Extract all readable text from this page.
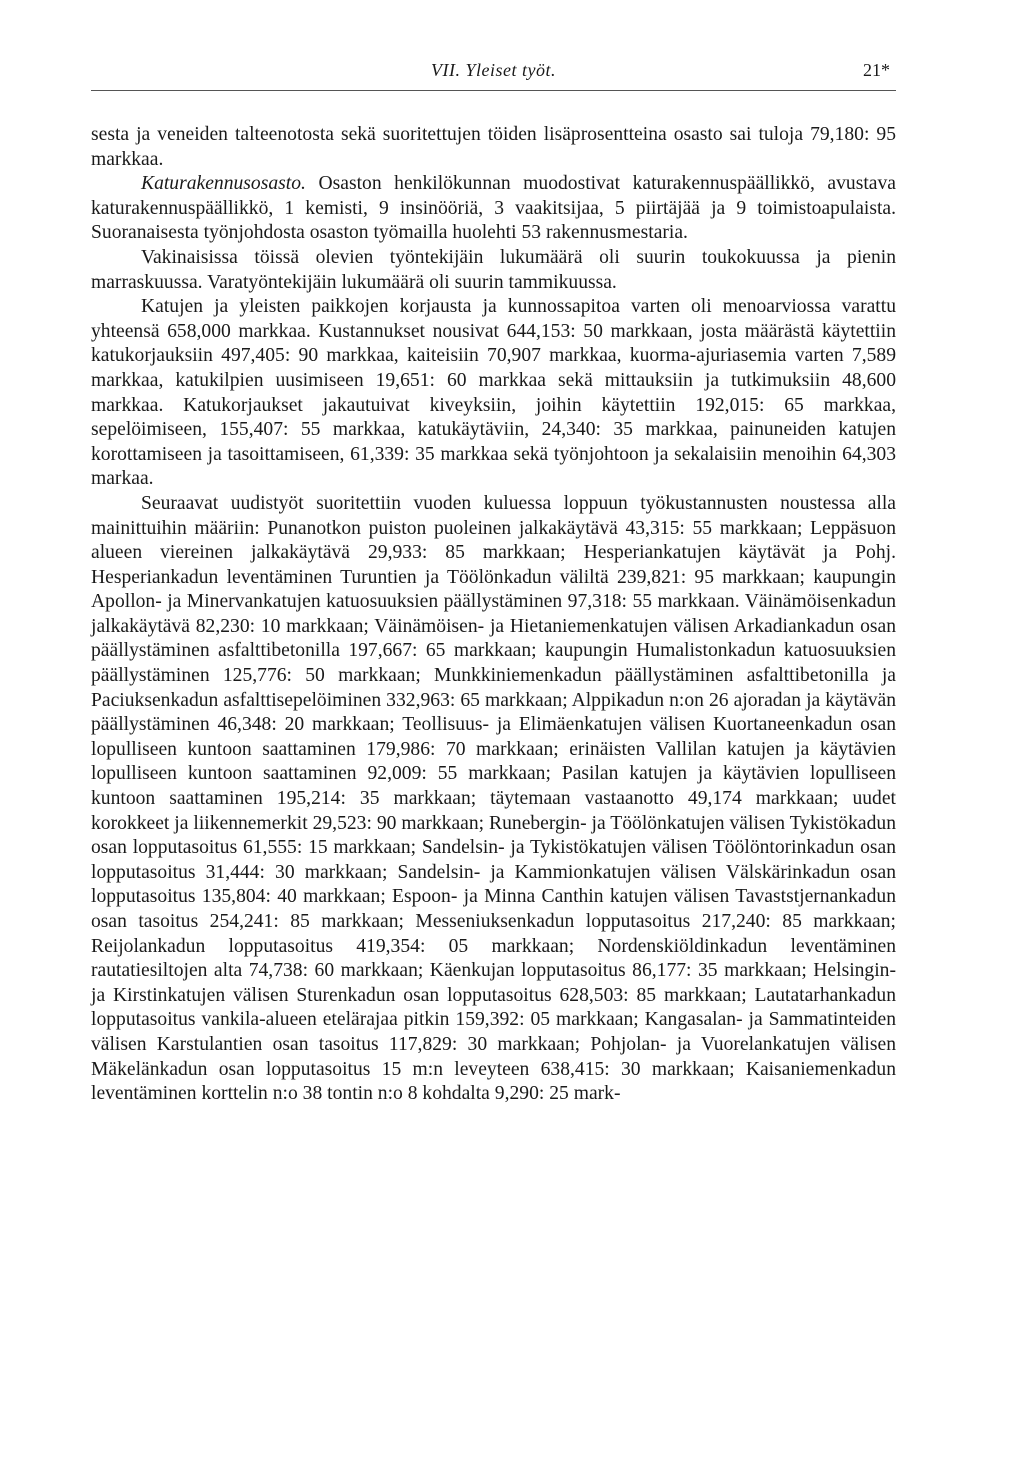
VII. Yleiset työt.	21*

sesta ja veneiden talteenotosta sekä suoritettujen töiden lisäprosentteina osasto sai tuloja 79,180: 95 markkaa.

Katurakennusosasto. Osaston henkilökunnan muodostivat katurakennuspäällikkö, avustava katurakennuspäällikkö, 1 kemisti, 9 insinööriä, 3 vaakitsijaa, 5 piirtäjää ja 9 toimistoapulaista. Suoranaisesta työnjohdosta osaston työmailla huolehti 53 rakennusmestaria.

Vakinaisissa töissä olevien työntekijäin lukumäärä oli suurin toukokuussa ja pienin marraskuussa. Varatyöntekijäin lukumäärä oli suurin tammikuussa.

Katujen ja yleisten paikkojen korjausta ja kunnossapitoa varten oli menoarviossa varattu yhteensä 658,000 markkaa. Kustannukset nousivat 644,153: 50 markkaan, josta määrästä käytettiin katukorjauksiin 497,405: 90 markkaa, kaiteisiin 70,907 markkaa, kuorma-ajuriasemia varten 7,589 markkaa, katukilpien uusimiseen 19,651: 60 markkaa sekä mittauksiin ja tutkimuksiin 48,600 markkaa. Katukorjaukset jakautuivat kiveyksiin, joihin käytettiin 192,015: 65 markkaa, sepelöimiseen, 155,407: 55 markkaa, katukäytäviin, 24,340: 35 markkaa, painuneiden katujen korottamiseen ja tasoittamiseen, 61,339: 35 markkaa sekä työnjohtoon ja sekalaisiin menoihin 64,303 markaa.

Seuraavat uudistyöt suoritettiin vuoden kuluessa loppuun työkustannusten noustessa alla mainittuihin määriin: Punanotkon puiston puoleinen jalkakäytävä 43,315: 55 markkaan; Leppäsuon alueen viereinen jalkakäytävä 29,933: 85 markkaan; Hesperiankatujen käytävät ja Pohj. Hesperiankadun leventäminen Turuntien ja Töölönkadun väliltä 239,821: 95 markkaan; kaupungin Apollon- ja Minervankatujen katuosuuksien päällystäminen 97,318: 55 markkaan. Väinämöisenkadun jalkakäytävä 82,230: 10 markkaan; Väinämöisen- ja Hietaniemenkatujen välisen Arkadiankadun osan päällystäminen asfalttibetonilla 197,667: 65 markkaan; kaupungin Humalistonkadun katuosuuksien päällystäminen 125,776: 50 markkaan; Munkkiniemenkadun päällystäminen asfalttibetonilla ja Paciuksenkadun asfalttisepelöiminen 332,963: 65 markkaan; Alppikadun n:on 26 ajoradan ja käytävän päällystäminen 46,348: 20 markkaan; Teollisuus- ja Elimäenkatujen välisen Kuortaneenkadun osan lopulliseen kuntoon saattaminen 179,986: 70 markkaan; erinäisten Vallilan katujen ja käytävien lopulliseen kuntoon saattaminen 92,009: 55 markkaan; Pasilan katujen ja käytävien lopulliseen kuntoon saattaminen 195,214: 35 markkaan; täytemaan vastaanotto 49,174 markkaan; uudet korokkeet ja liikennemerkit 29,523: 90 markkaan; Runebergin- ja Töölönkatujen välisen Tykistökadun osan lopputasoitus 61,555: 15 markkaan; Sandelsin- ja Tykistökatujen välisen Töölöntorinkadun osan lopputasoitus 31,444: 30 markkaan; Sandelsin- ja Kammionkatujen välisen Välskärinkadun osan lopputasoitus 135,804: 40 markkaan; Espoon- ja Minna Canthin katujen välisen Tavaststjernankadun osan tasoitus 254,241: 85 markkaan; Messeniuksenkadun lopputasoitus 217,240: 85 markkaan; Reijolankadun lopputasoitus 419,354: 05 markkaan; Nordenskiöldinkadun leventäminen rautatiesiltojen alta 74,738: 60 markkaan; Käenkujan lopputasoitus 86,177: 35 markkaan; Helsingin- ja Kirstinkatujen välisen Sturenkadun osan lopputasoitus 628,503: 85 markkaan; Lautatarhankadun lopputasoitus vankila-alueen etelärajaa pitkin 159,392: 05 markkaan; Kangasalan- ja Sammatinteiden välisen Karstulantien osan tasoitus 117,829: 30 markkaan; Pohjolan- ja Vuorelankatujen välisen Mäkelänkadun osan lopputasoitus 15 m:n leveyteen 638,415: 30 markkaan; Kaisaniemenkadun leventäminen korttelin n:o 38 tontin n:o 8 kohdalta 9,290: 25 mark-
